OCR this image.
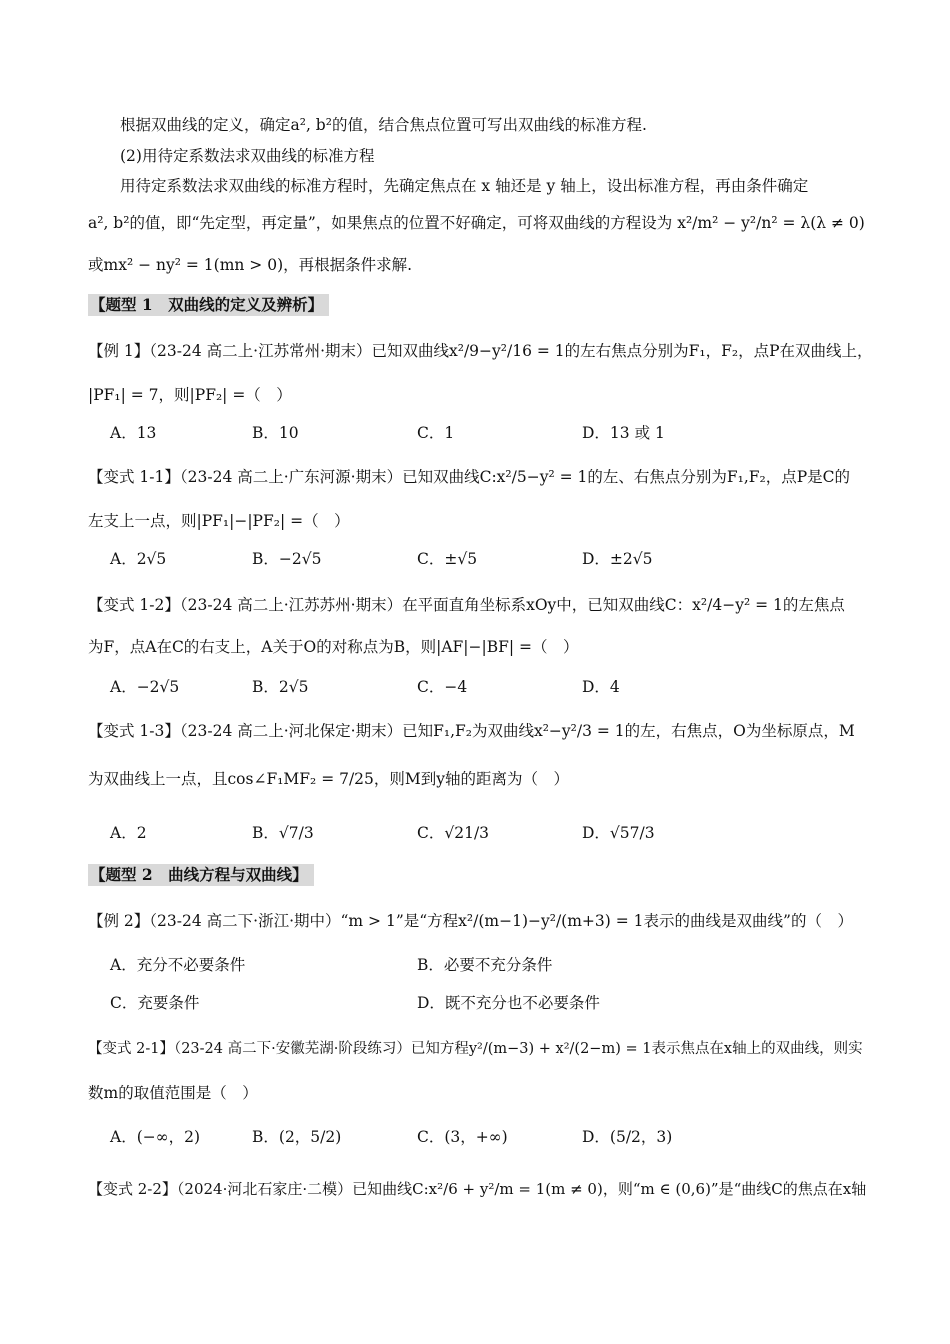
根据双曲线的定义，确定a², b²的值，结合焦点位置可写出双曲线的标准方程.
(2)用待定系数法求双曲线的标准方程
用待定系数法求双曲线的标准方程时，先确定焦点在 x 轴还是 y 轴上，设出标准方程，再由条件确定
a², b²的值，即“先定型，再定量”，如果焦点的位置不好确定，可将双曲线的方程设为 x²/m² − y²/n² = λ(λ ≠ 0)
或mx² − ny² = 1(mn > 0)，再根据条件求解.
【题型 1　双曲线的定义及辨析】
【例 1】（23-24 高二上·江苏常州·期末）已知双曲线x²/9−y²/16 = 1的左右焦点分别为F₁，F₂，点P在双曲线上，
|PF₁| = 7，则|PF₂| =（　）
A．13	B．10	C．1	D．13 或 1
【变式 1-1】（23-24 高二上·广东河源·期末）已知双曲线C:x²/5−y² = 1的左、右焦点分别为F₁,F₂，点P是C的
左支上一点，则|PF₁|−|PF₂| =（　）
A．2√5	B．−2√5	C．±√5	D．±2√5
【变式 1-2】（23-24 高二上·江苏苏州·期末）在平面直角坐标系xOy中，已知双曲线C：x²/4−y² = 1的左焦点
为F，点A在C的右支上，A关于O的对称点为B，则|AF|−|BF| =（　）
A．−2√5	B．2√5	C．−4	D．4
【变式 1-3】（23-24 高二上·河北保定·期末）已知F₁,F₂为双曲线x²−y²/3 = 1的左，右焦点，O为坐标原点，M
为双曲线上一点，且cos∠F₁MF₂ = 7/25，则M到y轴的距离为（　）
A．2	B．√7/3	C．√21/3	D．√57/3
【题型 2　曲线方程与双曲线】
【例 2】（23-24 高二下·浙江·期中）“m > 1”是“方程x²/(m−1)−y²/(m+3) = 1表示的曲线是双曲线”的（　）
A．充分不必要条件	B．必要不充分条件
C．充要条件	D．既不充分也不必要条件
【变式 2-1】（23-24 高二下·安徽芜湖·阶段练习）已知方程y²/(m−3) + x²/(2−m) = 1表示焦点在x轴上的双曲线，则实
数m的取值范围是（　）
A．(−∞，2)	B．(2，5/2)	C．(3，+∞)	D．(5/2，3)
【变式 2-2】（2024·河北石家庄·二模）已知曲线C:x²/6 + y²/m = 1(m ≠ 0)，则“m ∈ (0,6)”是“曲线C的焦点在x轴
